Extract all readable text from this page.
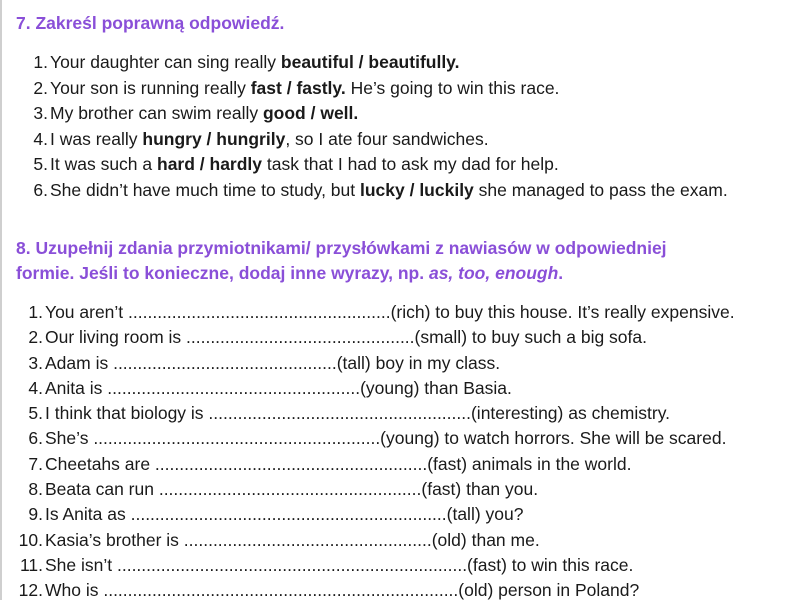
7. Zakreśl poprawną odpowiedź.
1. Your daughter can sing really beautiful / beautifully.
2. Your son is running really fast / fastly. He’s going to win this race.
3. My brother can swim really good / well.
4. I was really hungry / hungrily, so I ate four sandwiches.
5. It was such a hard / hardly task that I had to ask my dad for help.
6. She didn’t have much time to study, but lucky / luckily she managed to pass the exam.
8. Uzupełnij zdania przymiotnikami/ przysłówkami z nawiasów w odpowiedniej
formie. Jeśli to konieczne, dodaj inne wyrazy, np. as, too, enough.
1. You aren’t ......................................................(rich) to buy this house. It’s really expensive.
2. Our living room is ...............................................(small) to buy such a big sofa.
3. Adam is ..............................................(tall) boy in my class.
4. Anita is ....................................................(young) than Basia.
5. I think that biology is ......................................................(interesting) as chemistry.
6. She’s ...........................................................(young) to watch horrors. She will be scared.
7. Cheetahs are ........................................................(fast) animals in the world.
8. Beata can run ......................................................(fast) than you.
9. Is Anita as .................................................................(tall) you?
10. Kasia’s brother is ...................................................(old) than me.
11. She isn’t ........................................................................(fast) to win this race.
12. Who is .........................................................................(old) person in Poland?
